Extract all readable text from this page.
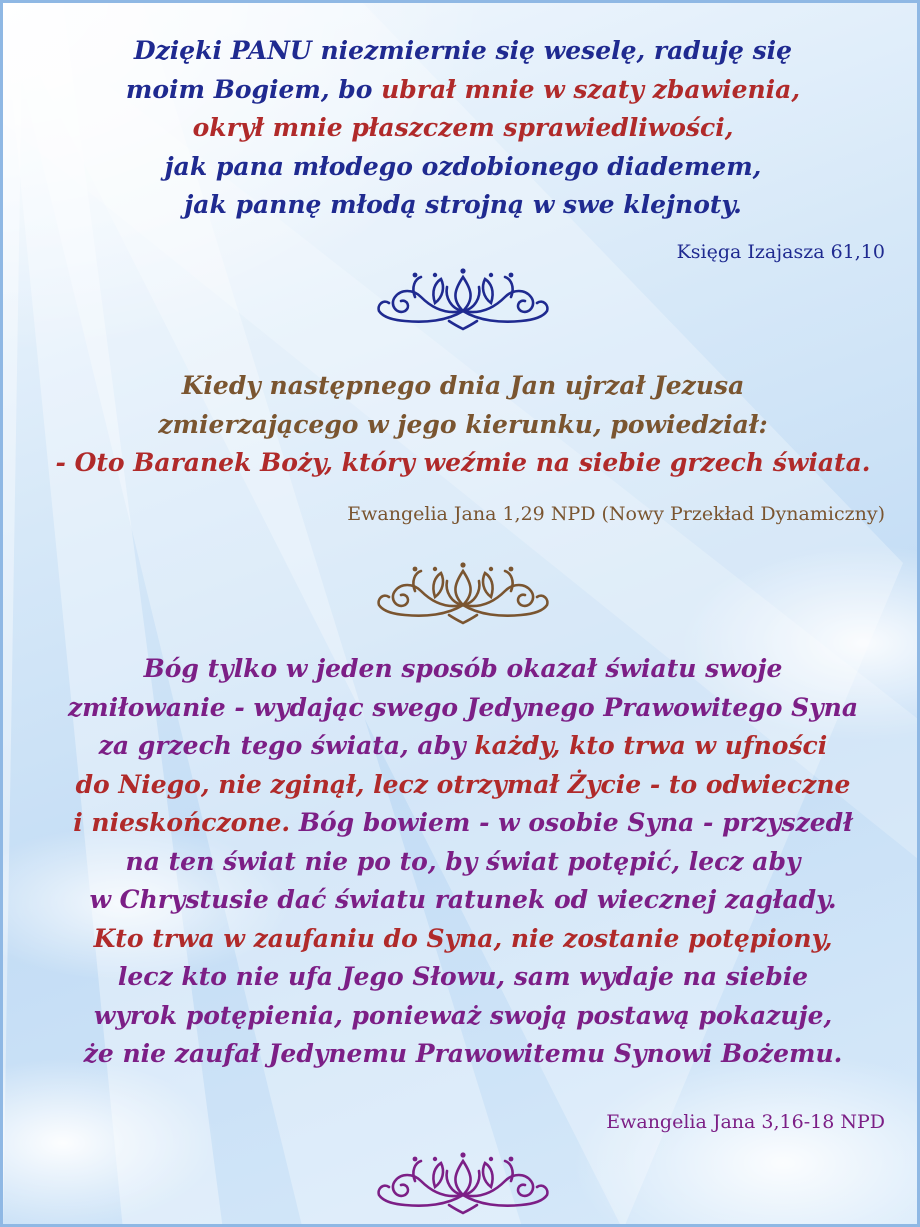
Dzięki PANU niezmiernie się weselę, raduję się
moim Bogiem, bo ubrał mnie w szaty zbawienia,
okrył mnie płaszczem sprawiedliwości,
jak pana młodego ozdobionego diademem,
jak pannę młodą strojną w swe klejnoty.

Księga Izajasza 61,10

Kiedy następnego dnia Jan ujrzał Jezusa
zmierzającego w jego kierunku, powiedział:
- Oto Baranek Boży, który weźmie na siebie grzech świata.

Ewangelia Jana 1,29 NPD (Nowy Przekład Dynamiczny)

Bóg tylko w jeden sposób okazał światu swoje
zmiłowanie - wydając swego Jedynego Prawowitego Syna
za grzech tego świata, aby każdy, kto trwa w ufności
do Niego, nie zginął, lecz otrzymał Życie - to odwieczne
i nieskończone. Bóg bowiem - w osobie Syna - przyszedł
na ten świat nie po to, by świat potępić, lecz aby
w Chrystusie dać światu ratunek od wiecznej zagłady.
Kto trwa w zaufaniu do Syna, nie zostanie potępiony,
lecz kto nie ufa Jego Słowu, sam wydaje na siebie
wyrok potępienia, ponieważ swoją postawą pokazuje,
że nie zaufał Jedynemu Prawowitemu Synowi Bożemu.

Ewangelia Jana 3,16-18 NPD
